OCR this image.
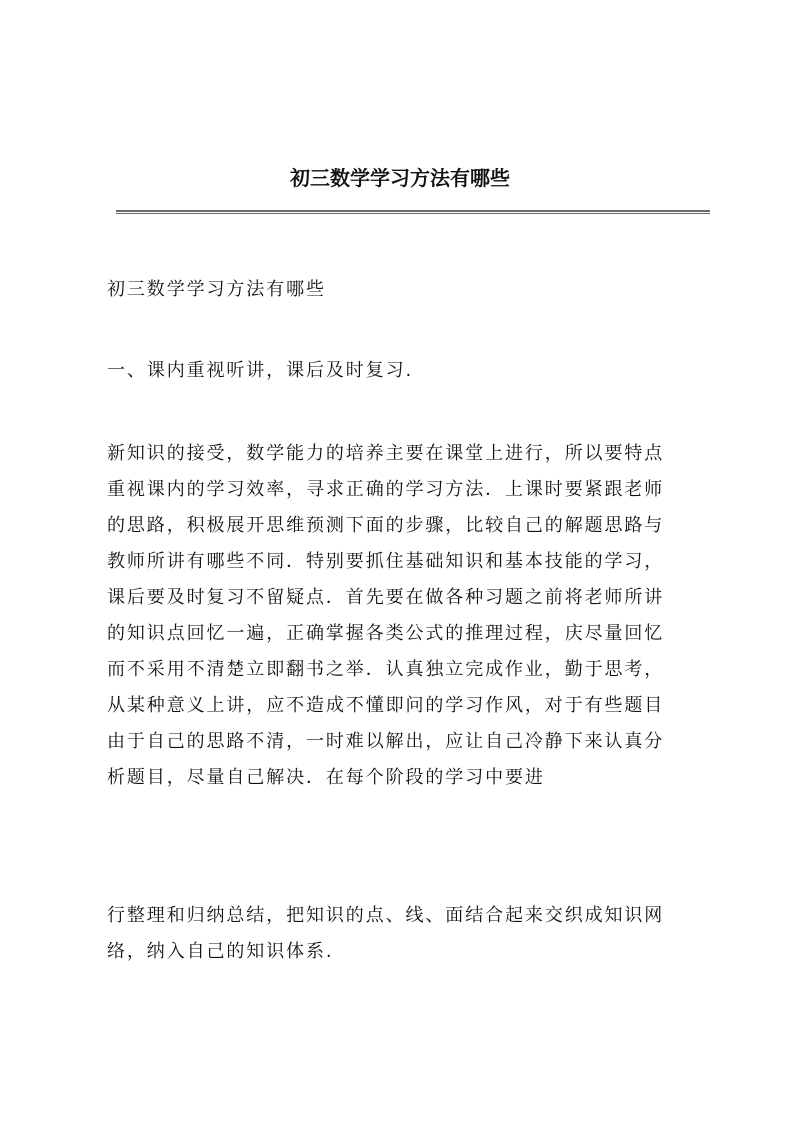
初三数学学习方法有哪些

初三数学学习方法有哪些

一、课内重视听讲，课后及时复习.

新知识的接受，数学能力的培养主要在课堂上进行，所以要特点
重视课内的学习效率，寻求正确的学习方法．上课时要紧跟老师
的思路，积极展开思维预测下面的步骤，比较自己的解题思路与
教师所讲有哪些不同．特别要抓住基础知识和基本技能的学习，
课后要及时复习不留疑点．首先要在做各种习题之前将老师所讲
的知识点回忆一遍，正确掌握各类公式的推理过程，庆尽量回忆
而不采用不清楚立即翻书之举．认真独立完成作业，勤于思考，
从某种意义上讲，应不造成不懂即问的学习作风，对于有些题目
由于自己的思路不清，一时难以解出，应让自己冷静下来认真分
析题目，尽量自己解决．在每个阶段的学习中要进

行整理和归纳总结，把知识的点、线、面结合起来交织成知识网
络，纳入自己的知识体系.
